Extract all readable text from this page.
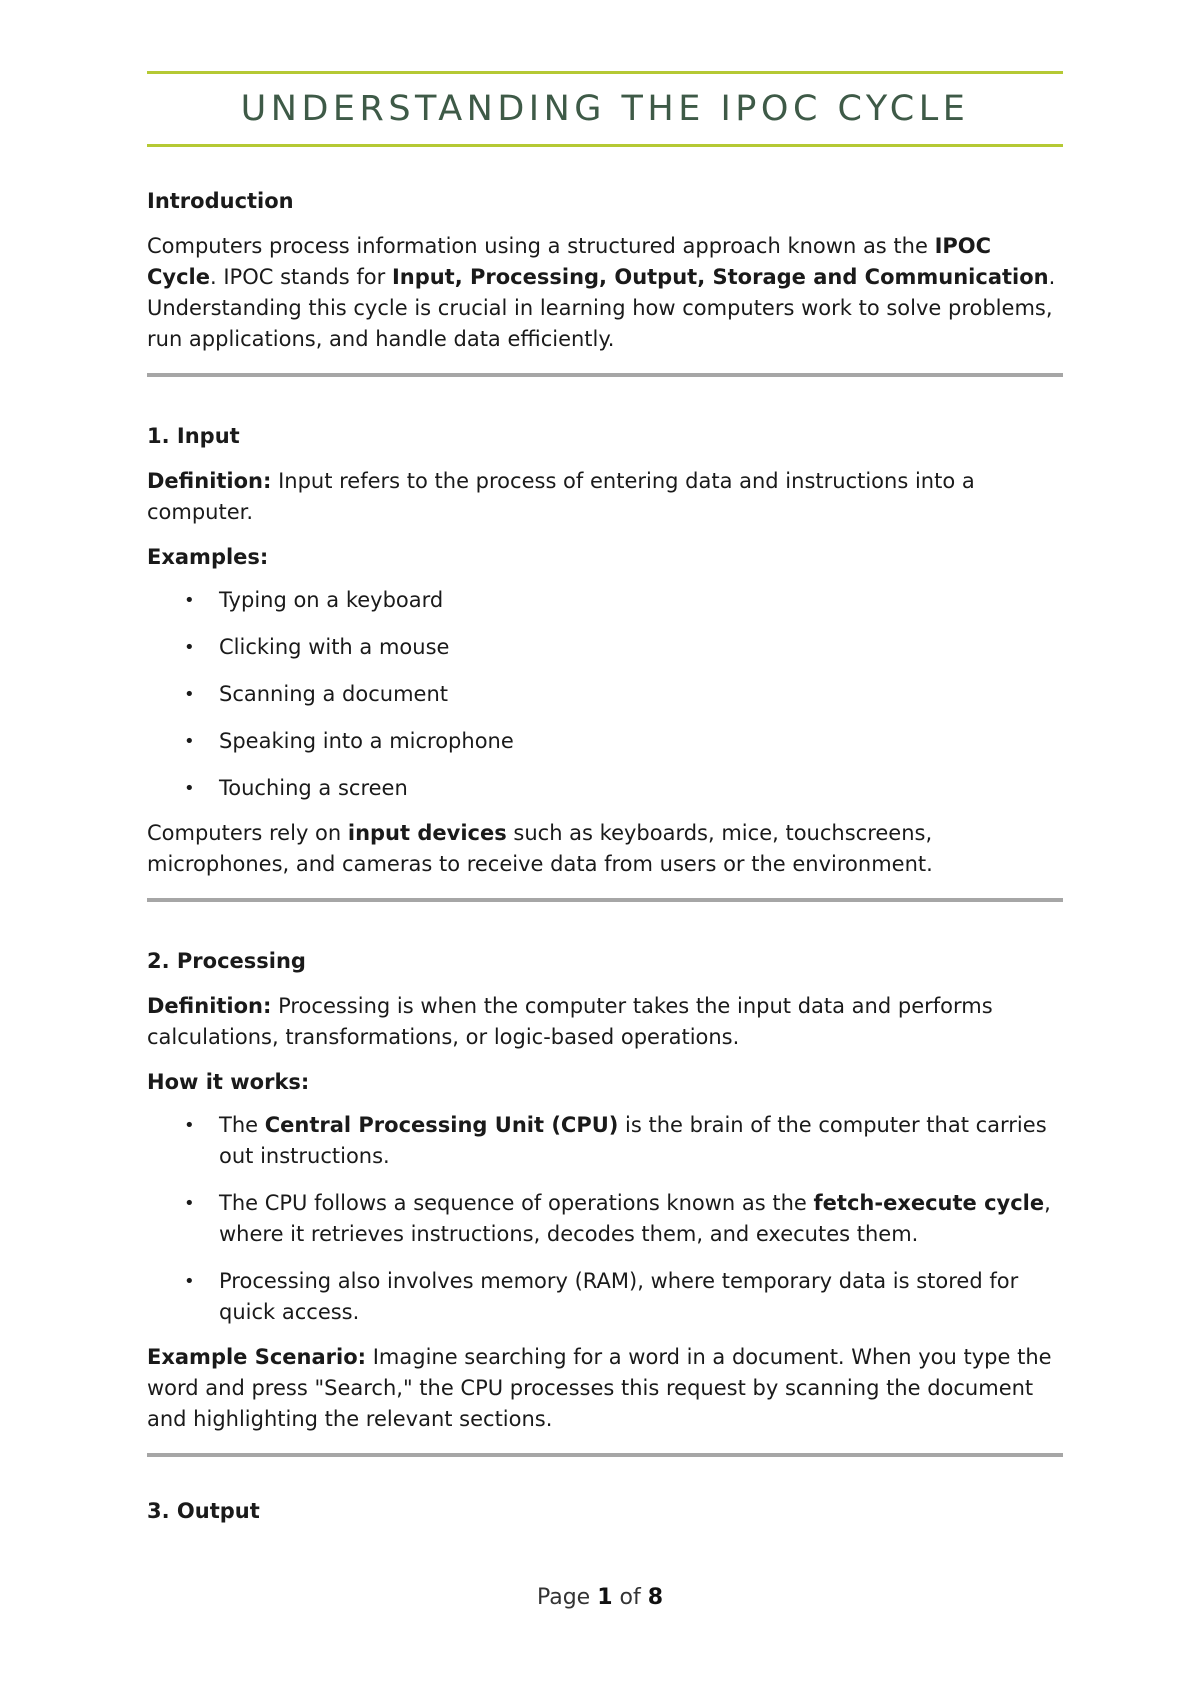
UNDERSTANDING THE IPOC CYCLE
Introduction

Computers process information using a structured approach known as the IPOC Cycle. IPOC stands for Input, Processing, Output, Storage and Communication. Understanding this cycle is crucial in learning how computers work to solve problems, run applications, and handle data efficiently.

1. Input

Definition: Input refers to the process of entering data and instructions into a computer.

Examples:

• Typing on a keyboard
• Clicking with a mouse
• Scanning a document
• Speaking into a microphone
• Touching a screen

Computers rely on input devices such as keyboards, mice, touchscreens, microphones, and cameras to receive data from users or the environment.

2. Processing

Definition: Processing is when the computer takes the input data and performs calculations, transformations, or logic-based operations.

How it works:

• The Central Processing Unit (CPU) is the brain of the computer that carries out instructions.
• The CPU follows a sequence of operations known as the fetch-execute cycle, where it retrieves instructions, decodes them, and executes them.
• Processing also involves memory (RAM), where temporary data is stored for quick access.

Example Scenario: Imagine searching for a word in a document. When you type the word and press "Search," the CPU processes this request by scanning the document and highlighting the relevant sections.

3. Output
Page 1 of 8
